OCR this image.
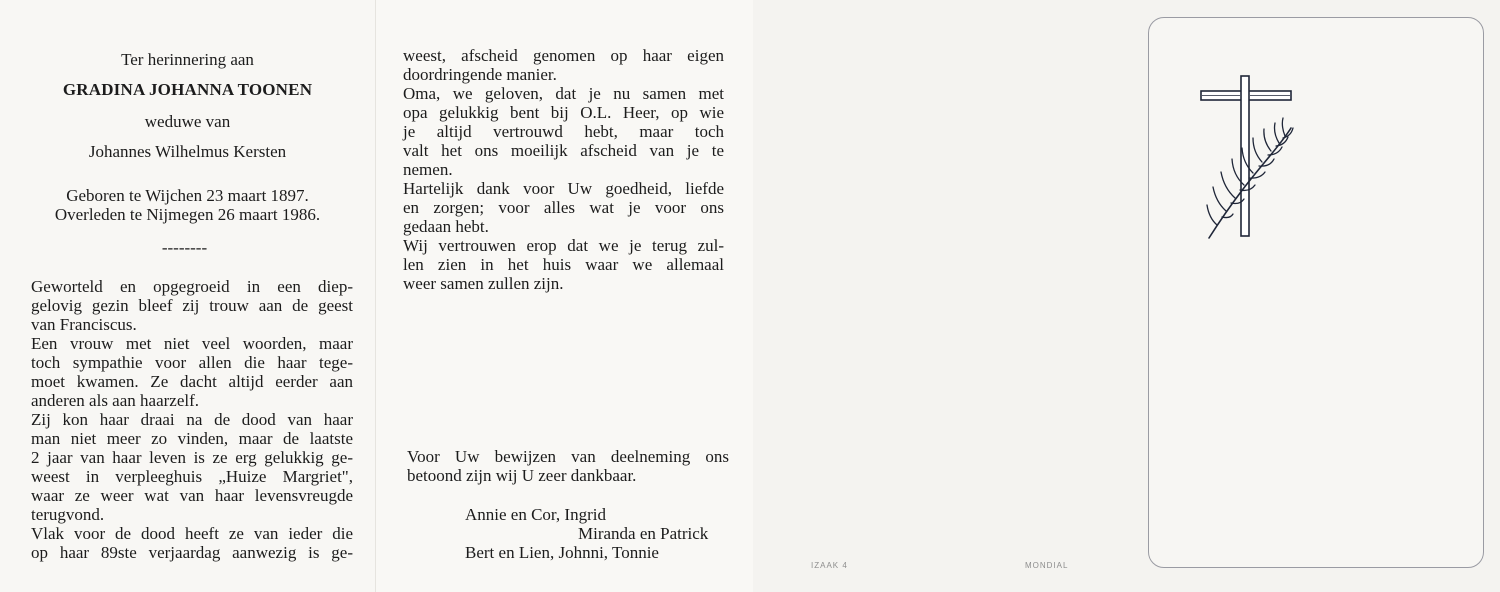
Ter herinnering aan
GRADINA JOHANNA TOONEN
weduwe van
Johannes Wilhelmus Kersten
Geboren te Wijchen 23 maart 1897.
Overleden te Nijmegen 26 maart 1986.
--------
Geworteld en opgegroeid in een diep-
gelovig gezin bleef zij trouw aan de geest
van Franciscus.
Een vrouw met niet veel woorden, maar
toch sympathie voor allen die haar tege-
moet kwamen. Ze dacht altijd eerder aan
anderen als aan haarzelf.
Zij kon haar draai na de dood van haar
man niet meer zo vinden, maar de laatste
2 jaar van haar leven is ze erg gelukkig ge-
weest in verpleeghuis „Huize Margriet",
waar ze weer wat van haar levensvreugde
terugvond.
Vlak voor de dood heeft ze van ieder die
op haar 89ste verjaardag aanwezig is ge-
weest, afscheid genomen op haar eigen
doordringende manier.
Oma, we geloven, dat je nu samen met
opa gelukkig bent bij O.L. Heer, op wie
je altijd vertrouwd hebt, maar toch
valt het ons moeilijk afscheid van je te
nemen.
Hartelijk dank voor Uw goedheid, liefde
en zorgen; voor alles wat je voor ons
gedaan hebt.
Wij vertrouwen erop dat we je terug zul-
len zien in het huis waar we allemaal
weer samen zullen zijn.
Voor Uw bewijzen van deelneming ons
betoond zijn wij U zeer dankbaar.
Annie en Cor, Ingrid
Miranda en Patrick
Bert en Lien, Johnni, Tonnie
IZAAK 4	MONDIAL
